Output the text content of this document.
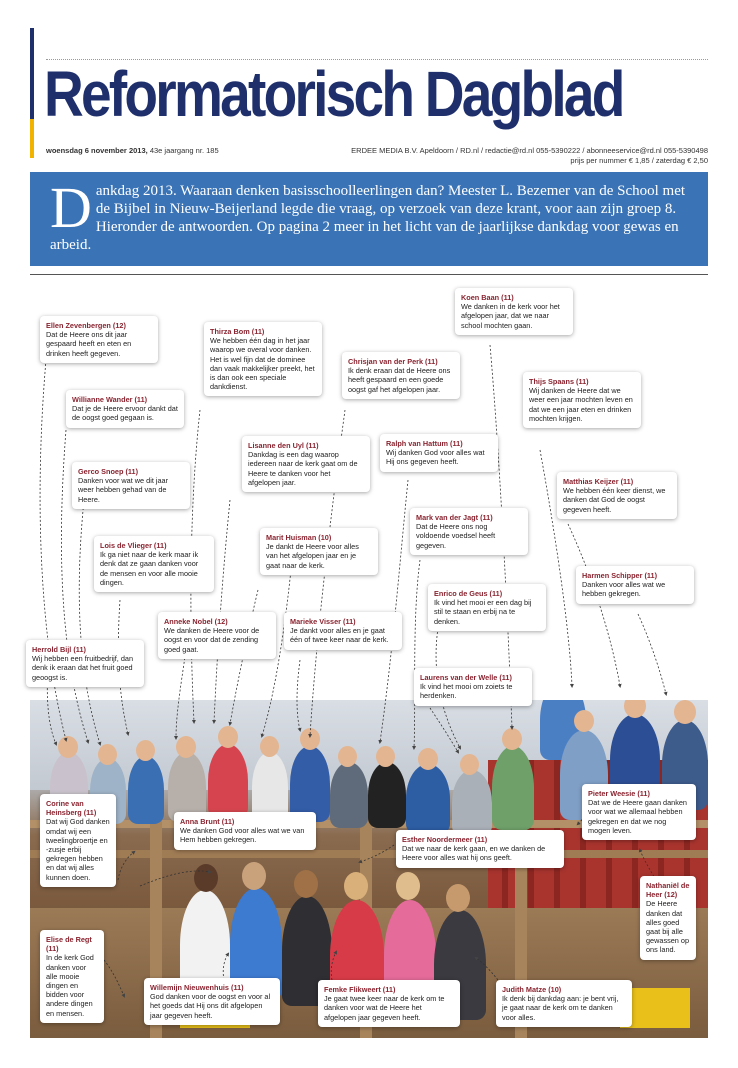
Reformatorisch Dagblad
woensdag 6 november 2013, 43e jaargang nr. 185	ERDEE MEDIA B.V. Apeldoorn / RD.nl / redactie@rd.nl 055-5390222 / abonneeservice@rd.nl 055-5390498
prijs per nummer € 1,85 / zaterdag € 2,50
D ankdag 2013. Waaraan denken basisschoolleerlingen dan? Meester L. Bezemer van de School met de Bijbel in Nieuw-Beijerland legde die vraag, op verzoek van deze krant, voor aan zijn groep 8. Hieronder de antwoorden. Op pagina 2 meer in het licht van de jaarlijkse dankdag voor gewas en arbeid.
Koen Baan (11)
We danken in de kerk voor het afgelopen jaar, dat we naar school mochten gaan.
Ellen Zevenbergen (12)
Dat de Heere ons dit jaar gespaard heeft en eten en drinken heeft gegeven.
Thirza Bom (11)
We hebben één dag in het jaar waarop we overal voor danken. Het is wel fijn dat de dominee dan vaak makkelijker preekt, het is dan ook een speciale dankdienst.
Chrisjan van der Perk (11)
Ik denk eraan dat de Heere ons heeft gespaard en een goede oogst gaf het afgelopen jaar.
Thijs Spaans (11)
Wij danken de Heere dat we weer een jaar mochten leven en dat we een jaar eten en drinken mochten krijgen.
Willianne Wander (11)
Dat je de Heere ervoor dankt dat de oogst goed gegaan is.
Lisanne den Uyl (11)
Dankdag is een dag waarop iedereen naar de kerk gaat om de Heere te danken voor het afgelopen jaar.
Ralph van Hattum (11)
Wij danken God voor alles wat Hij ons gegeven heeft.
Gerco Snoep (11)
Danken voor wat we dit jaar weer hebben gehad van de Heere.
Matthias Keijzer (11)
We hebben één keer dienst, we danken dat God de oogst gegeven heeft.
Mark van der Jagt (11)
Dat de Heere ons nog voldoende voedsel heeft gegeven.
Lois de Vlieger (11)
Ik ga niet naar de kerk maar ik denk dat ze gaan danken voor de mensen en voor alle mooie dingen.
Marit Huisman (10)
Je dankt de Heere voor alles van het afgelopen jaar en je gaat naar de kerk.
Harmen Schipper (11)
Danken voor alles wat we hebben gekregen.
Enrico de Geus (11)
Ik vind het mooi er een dag bij stil te staan en erbij na te denken.
Anneke Nobel (12)
We danken de Heere voor de oogst en voor dat de zending goed gaat.
Marieke Visser (11)
Je dankt voor alles en je gaat één of twee keer naar de kerk.
Herrold Bijl (11)
Wij hebben een fruitbedrijf, dan denk ik eraan dat het fruit goed geoogst is.	Laurens van der Welle (11)
Ik vind het mooi om zoiets te herdenken.
Corine van Heinsberg (11)
Dat wij God danken omdat wij een tweelingbroertje en -zusje erbij gekregen hebben en dat wij alles kunnen doen.
Anna Brunt (11)
We danken God voor alles wat we van Hem hebben gekregen.
Pieter Weesie (11)
Dat we de Heere gaan danken voor wat we allemaal hebben gekregen en dat we nog mogen leven.
Esther Noordermeer (11)
Dat we naar de kerk gaan, en we danken de Heere voor alles wat hij ons geeft.
Nathaniël de Heer (12)
De Heere danken dat alles goed gaat bij alle gewassen op ons land.
Elise de Regt (11)
In de kerk God danken voor alle mooie dingen en bidden voor andere dingen en mensen.
Willemijn Nieuwenhuis (11)
God danken voor de oogst en voor al het goeds dat Hij ons dit afgelopen jaar gegeven heeft.
Femke Flikweert (11)
Je gaat twee keer naar de kerk om te danken voor wat de Heere het afgelopen jaar gegeven heeft.
Judith Matze (10)
Ik denk bij dankdag aan: je bent vrij, je gaat naar de kerk om te danken voor alles.
